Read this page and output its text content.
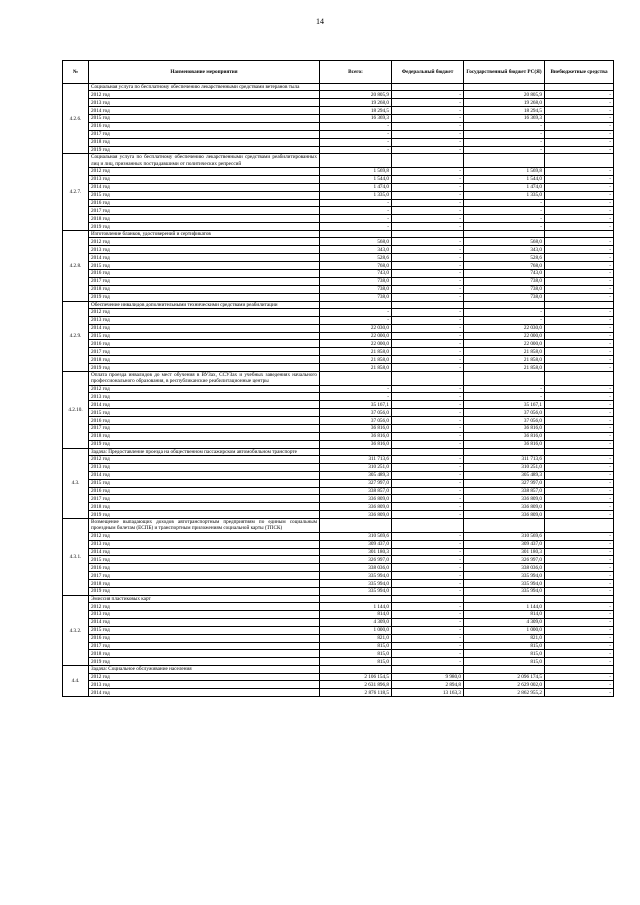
14
№	Наименование мероприятия	Всего:	Федеральный бюджет	Государственный бюджет РС(Я)	Внебюджетные средства
4.2.6.	Социальная услуга по бесплатному обеспечению лекарственными средствами ветеранов тыла				
	2012 год	20 805,9	-	20 805,9	-
	2013 год	19 268,0	-	19 268,0	-
	2014 год	18 294,5	-	18 294,5	-
	2015 год	16 369,3	-	16 369,3	-
	2016 год	-	-	-	-
	2017 год	-	-	-	-
	2018 год	-	-	-	-
	2019 год	-	-	-	-
4.2.7.	Социальная услуга по бесплатному обеспечению лекарственными средствами реабилитированных лиц и лиц, признанных пострадавшими от политических репрессий				
	2012 год	1 569,8	-	1 569,8	-
	2013 год	1 544,0	-	1 544,0	-
	2014 год	1 474,0	-	1 474,0	-
	2015 год	1 335,0	-	1 335,0	-
	2016 год	-	-	-	-
	2017 год	-	-	-	-
	2018 год	-	-	-	-
	2019 год	-	-	-	-
4.2.8.	Изготовление бланков, удостоверений и сертификатов				
	2012 год	568,0	-	568,0	-
	2013 год	343,0	-	343,0	-
	2014 год	528,6	-	528,6	-
	2015 год	768,0	-	768,0	-
	2016 год	743,0	-	743,0	-
	2017 год	738,0	-	738,0	-
	2018 год	738,0	-	738,0	-
	2019 год	738,0	-	738,0	-
4.2.9.	Обеспечение инвалидов дополнительными техническими средствами реабилитации				
	2012 год	-	-	-	-
	2013 год	-	-	-	-
	2014 год	22 030,0	-	22 030,0	-
	2015 год	22 000,0	-	22 000,0	-
	2016 год	22 000,0	-	22 000,0	-
	2017 год	21 858,0	-	21 858,0	-
	2018 год	21 858,0	-	21 858,0	-
	2019 год	21 858,0	-	21 858,0	-
4.2.10.	Оплата проезда инвалидов до мест обучения в ВУЗах, ССУЗах и учебных заведениях начального профессионального образования, в республиканские реабилитационные центры				
	2012 год	-	-	-	-
	2013 год	-	-	-	-
	2014 год	35 167,1	-	35 167,1	-
	2015 год	37 056,0	-	37 056,0	-
	2016 год	37 056,0	-	37 056,0	-
	2017 год	36 816,0	-	36 816,0	-
	2018 год	36 816,0	-	36 816,0	-
	2019 год	36 816,0	-	36 816,0	-
4.3.	Задача: Предоставление проезда на общественном пассажирском автомобильном транспорте				
	2012 год	311 713,6	-	311 713,6	-
	2013 год	310 251,0	-	310 251,0	-
	2014 год	305 489,3	-	305 489,3	-
	2015 год	327 997,0	-	327 997,0	-
	2016 год	338 857,0	-	338 857,0	-
	2017 год	336 809,0	-	336 809,0	-
	2018 год	336 809,0	-	336 809,0	-
	2019 год	336 809,0	-	336 809,0	-
4.3.1.	Возмещение выпадающих доходов автотранспортным предприятиям по единым социальным проездным билетам (ЕСПБ) и транспортным приложениям социальной карты (ТПСК)				
	2012 год	310 569,6	-	310 569,6	-
	2013 год	309 437,0	-	309 437,0	-
	2014 год	301 180,3	-	301 180,3	-
	2015 год	326 997,0	-	326 997,0	-
	2016 год	338 036,0	-	338 036,0	-
	2017 год	335 994,0	-	335 994,0	-
	2018 год	335 994,0	-	335 994,0	-
	2019 год	335 994,0	-	335 994,0	-
4.3.2.	Эмиссия пластиковых карт				
	2012 год	1 144,0	-	1 144,0	-
	2013 год	814,0	-	814,0	-
	2014 год	4 309,0	-	4 309,0	-
	2015 год	1 000,0	-	1 000,0	-
	2016 год	821,0	-	821,0	-
	2017 год	815,0	-	815,0	-
	2018 год	815,0	-	815,0	-
	2019 год	815,0	-	815,0	-
4.4.	Задача: Социальное обслуживание населения				
	2012 год	2 106 154,5	9 980,0	2 096 174,5	-
	2013 год	2 631 896,8	2 894,8	2 629 002,0	-
	2014 год	2 876 118,5	13 163,3	2 862 955,2	-
